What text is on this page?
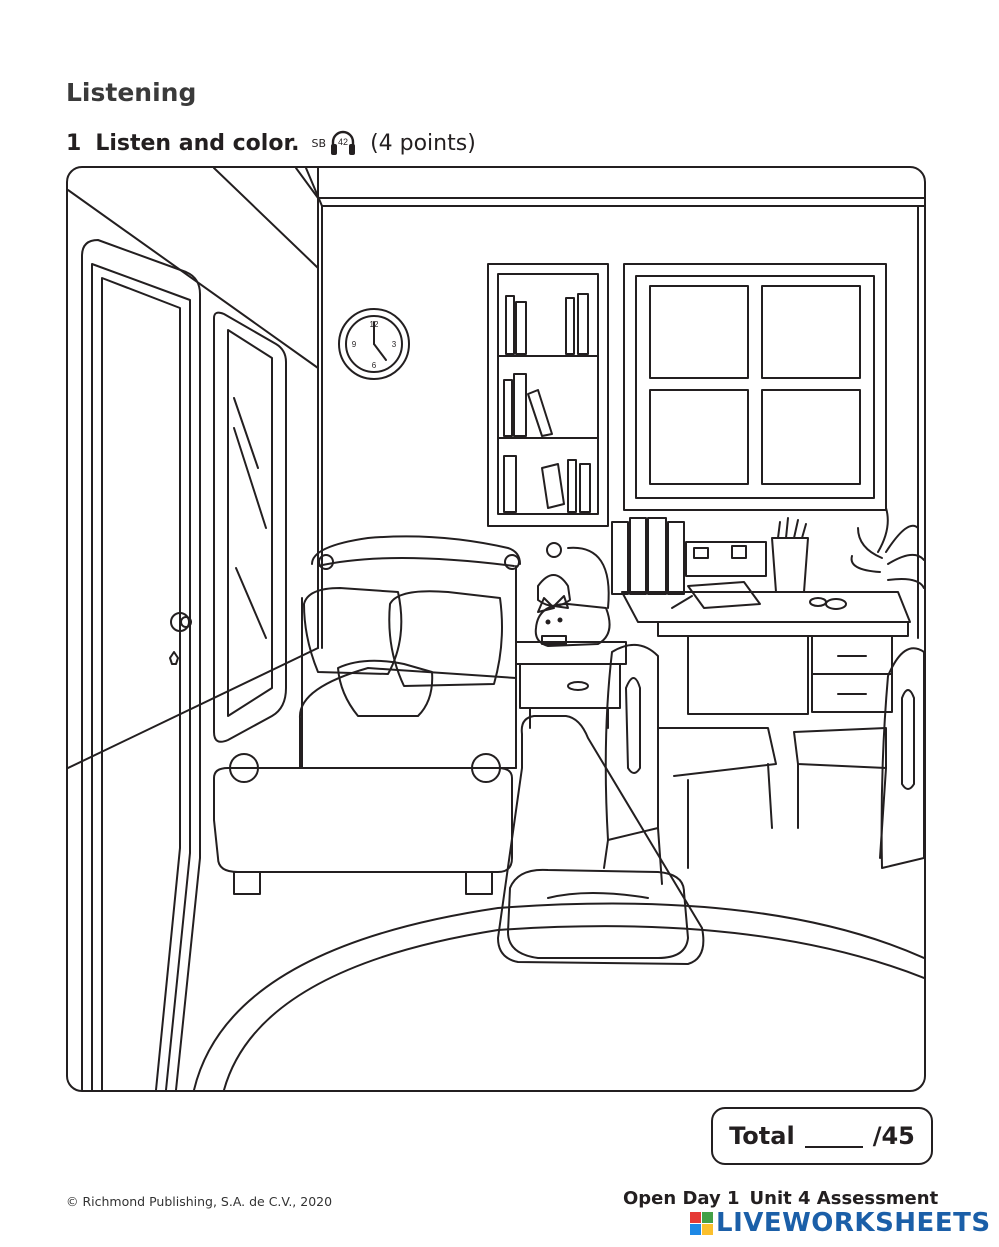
Listening
1 Listen and color. SB 42 (4 points)
12
3
6
9
Total	/45
© Richmond Publishing, S.A. de C.V., 2020	Open Day 1 Unit 4 Assessment
LIVEWORKSHEETS
